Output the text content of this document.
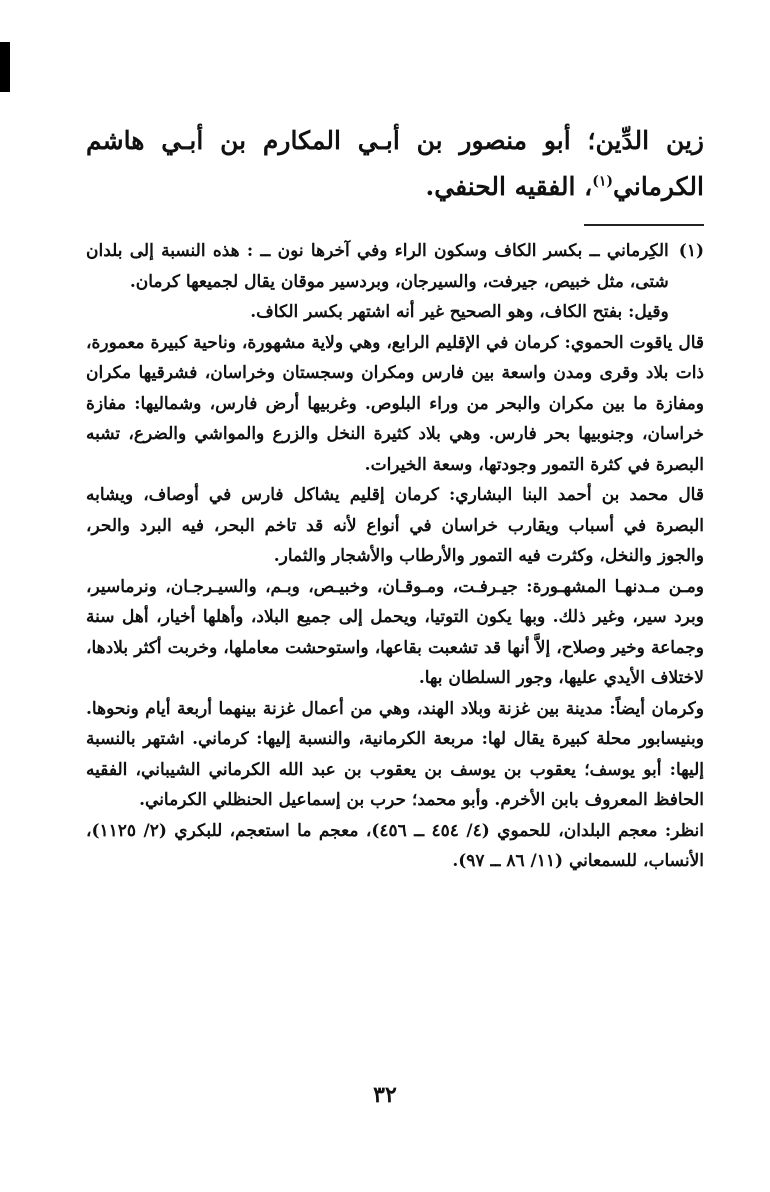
زين الدِّين؛ أبو منصور بن أبـي المكارم بن أبـي هاشم الكرماني$^{(١)}$، الفقيه الحنفي.

(١)

الكِرماني ــ بكسر الكاف وسكون الراء وفي آخرها نون ــ : هذه النسبة إلى بلدان شتى، مثل خبيص، جيرفت، والسيرجان، وبردسير موقان يقال لجميعها كرمان.

وقيل: بفتح الكاف، وهو الصحيح غير أنه اشتهر بكسر الكاف.

قال ياقوت الحموي: كرمان في الإقليم الرابع، وهي ولاية مشهورة، وناحية كبيرة معمورة، ذات بلاد وقرى ومدن واسعة بين فارس ومكران وسجستان وخراسان، فشرقيها مكران ومفازة ما بين مكران والبحر من وراء البلوص. وغربيها أرض فارس، وشماليها: مفازة خراسان، وجنوبيها بحر فارس. وهي بلاد كثيرة النخل والزرع والمواشي والضرع، تشبه البصرة في كثرة التمور وجودتها، وسعة الخيرات.

قال محمد بن أحمد البنا البشاري: كرمان إقليم يشاكل فارس في أوصاف، ويشابه البصرة في أسباب ويقارب خراسان في أنواع لأنه قد تاخم البحر، فيه البرد والحر، والجوز والنخل، وكثرت فيه التمور والأرطاب والأشجار والثمار.

ومـن مـدنهـا المشهـورة: جيـرفـت، ومـوقـان، وخبيـص، وبـم، والسيـرجـان، ونرماسير، وبرد سير، وغير ذلك. وبها يكون التوتيا، ويحمل إلى جميع البلاد، وأهلها أخيار، أهل سنة وجماعة وخير وصلاح، إلاَّ أنها قد تشعبت بقاعها، واستوحشت معاملها، وخربت أكثر بلادها، لاختلاف الأيدي عليها، وجور السلطان بها.

وكرمان أيضاً: مدينة بين غزنة وبلاد الهند، وهي من أعمال غزنة بينهما أربعة أيام ونحوها. وبنيسابور محلة كبيرة يقال لها: مربعة الكرمانية، والنسبة إليها: كرماني. اشتهر بالنسبة إليها: أبو يوسف؛ يعقوب بن يوسف بن يعقوب بن عبد الله الكرماني الشيباني، الفقيه الحافظ المعروف بابن الأخرم. وأبو محمد؛ حرب بن إسماعيل الحنظلي الكرماني.

انظر: معجم البلدان، للحموي (٤/ ٤٥٤ ــ ٤٥٦)، معجم ما استعجم، للبكري (٢/ ١١٢٥)، الأنساب، للسمعاني (١١/ ٨٦ ــ ٩٧).

٣٢
